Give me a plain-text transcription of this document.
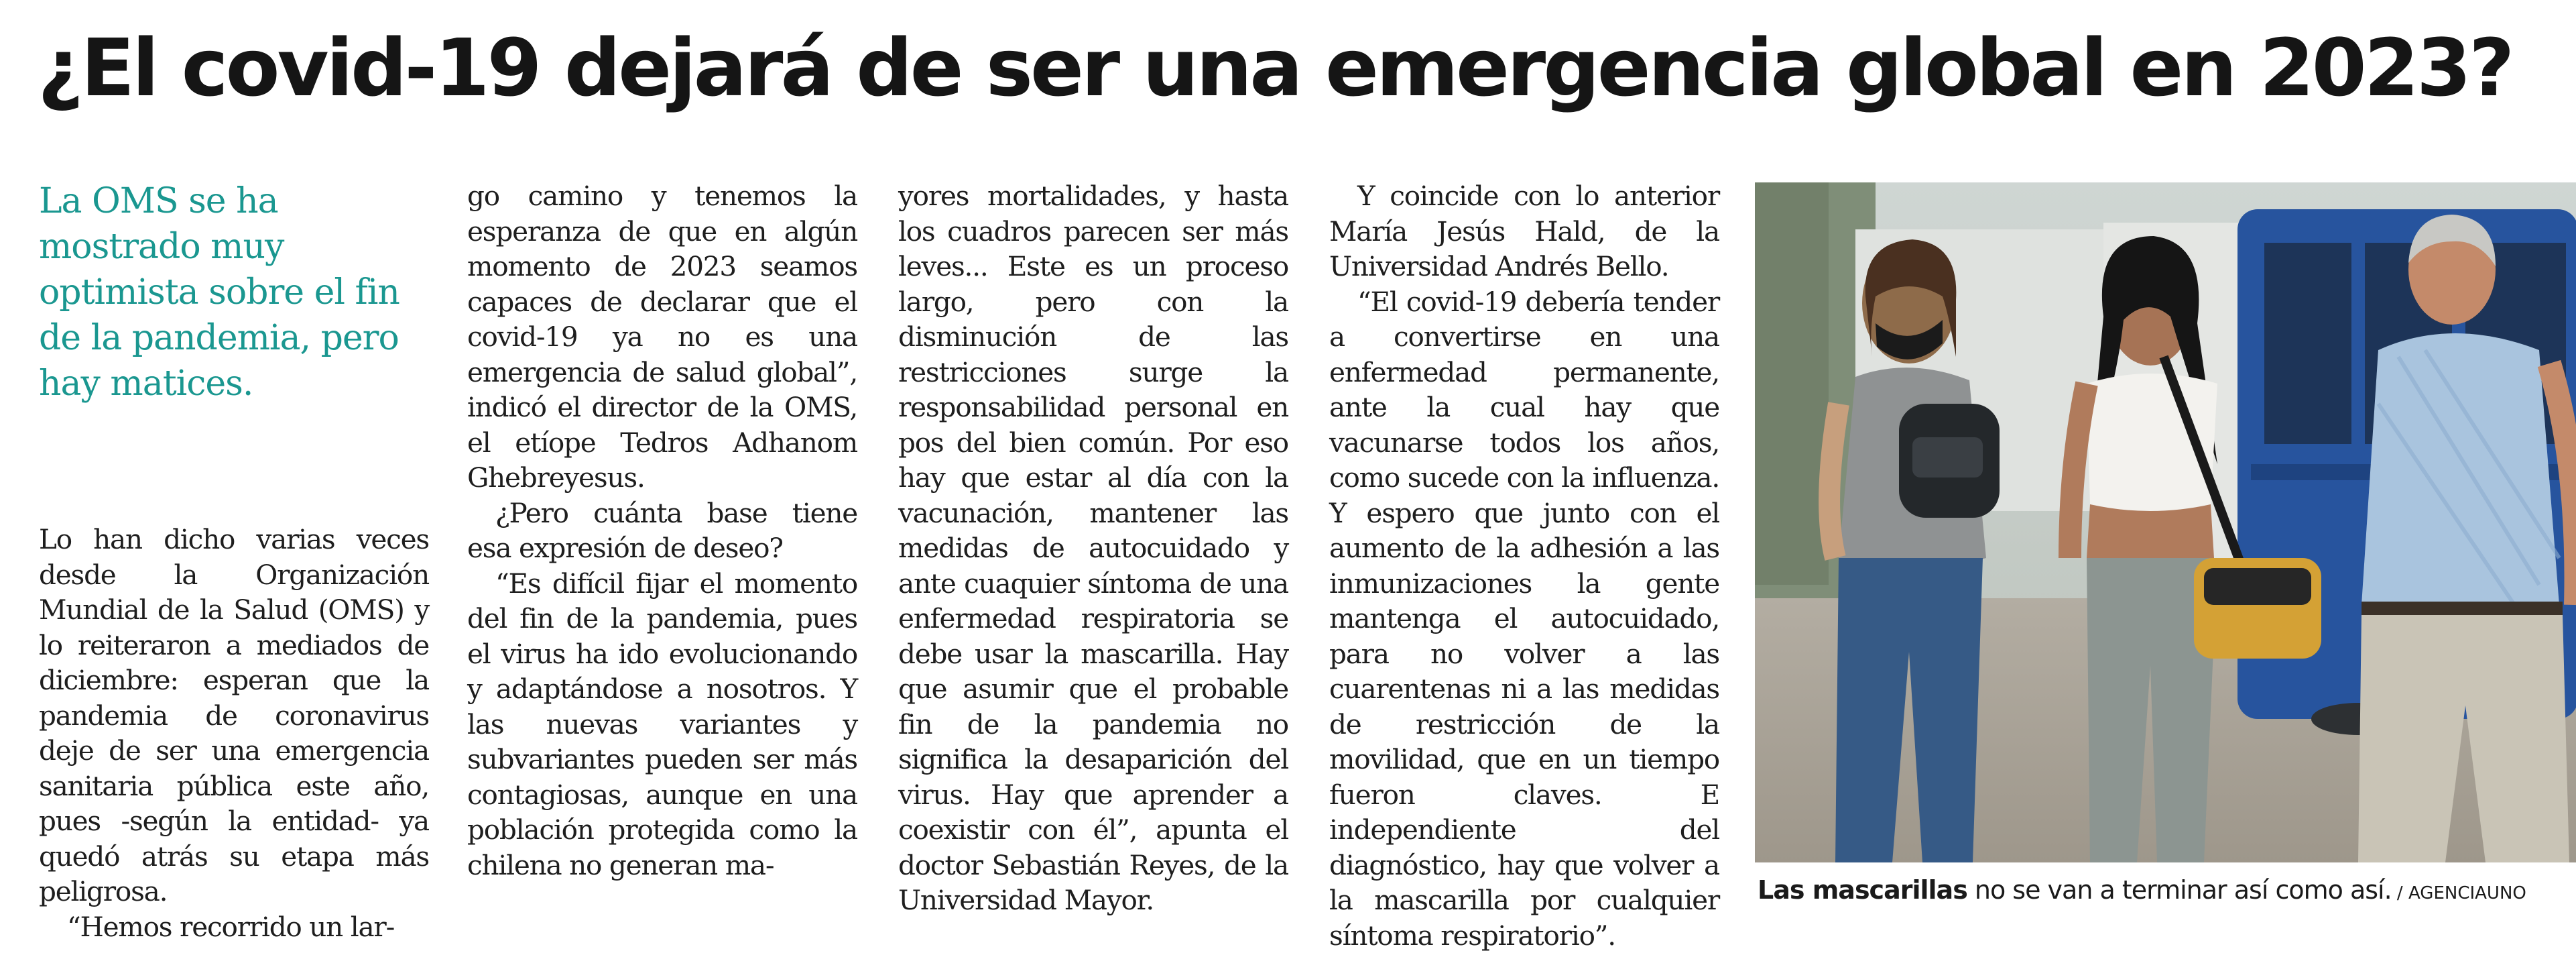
¿El covid-19 dejará de ser una emergencia global en 2023?

La OMS se ha mostrado muy optimista sobre el fin de la pandemia, pero hay matices.

Lo han dicho varias veces desde la Organización Mundial de la Salud (OMS) y lo reiteraron a mediados de diciembre: esperan que la pandemia de coronavirus deje de ser una emergencia sanitaria pública este año, pues -según la entidad- ya quedó atrás su etapa más peligrosa.

“Hemos recorrido un lar-

go camino y tenemos la esperanza de que en algún momento de 2023 seamos capaces de declarar que el covid-19 ya no es una emergencia de salud global”, indicó el director de la OMS, el etíope Tedros Adhanom Ghebreyesus.

¿Pero cuánta base tiene esa expresión de deseo?

“Es difícil fijar el momento del fin de la pandemia, pues el virus ha ido evolucionando y adaptándose a nosotros. Y las nuevas variantes y subvariantes pueden ser más contagiosas, aunque en una población protegida como la chilena no generan ma-

yores mortalidades, y hasta los cuadros parecen ser más leves... Este es un proceso largo, pero con la disminución de las restricciones surge la responsabilidad personal en pos del bien común. Por eso hay que estar al día con la vacunación, mantener las medidas de autocuidado y ante cuaquier síntoma de una enfermedad respiratoria se debe usar la mascarilla. Hay que asumir que el probable fin de la pandemia no significa la desaparición del virus. Hay que aprender a coexistir con él”, apunta el doctor Sebastián Reyes, de la Universidad Mayor.

Y coincide con lo anterior María Jesús Hald, de la Universidad Andrés Bello.

“El covid-19 debería tender a convertirse en una enfermedad permanente, ante la cual hay que vacunarse todos los años, como sucede con la influenza. Y espero que junto con el aumento de la adhesión a las inmunizaciones la gente mantenga el autocuidado, para no volver a las cuarentenas ni a las medidas de restricción de la movilidad, que en un tiempo fueron claves. E independiente del diagnóstico, hay que volver a la mascarilla por cualquier síntoma respiratorio”.

Las mascarillas no se van a terminar así como así. / AGENCIAUNO
